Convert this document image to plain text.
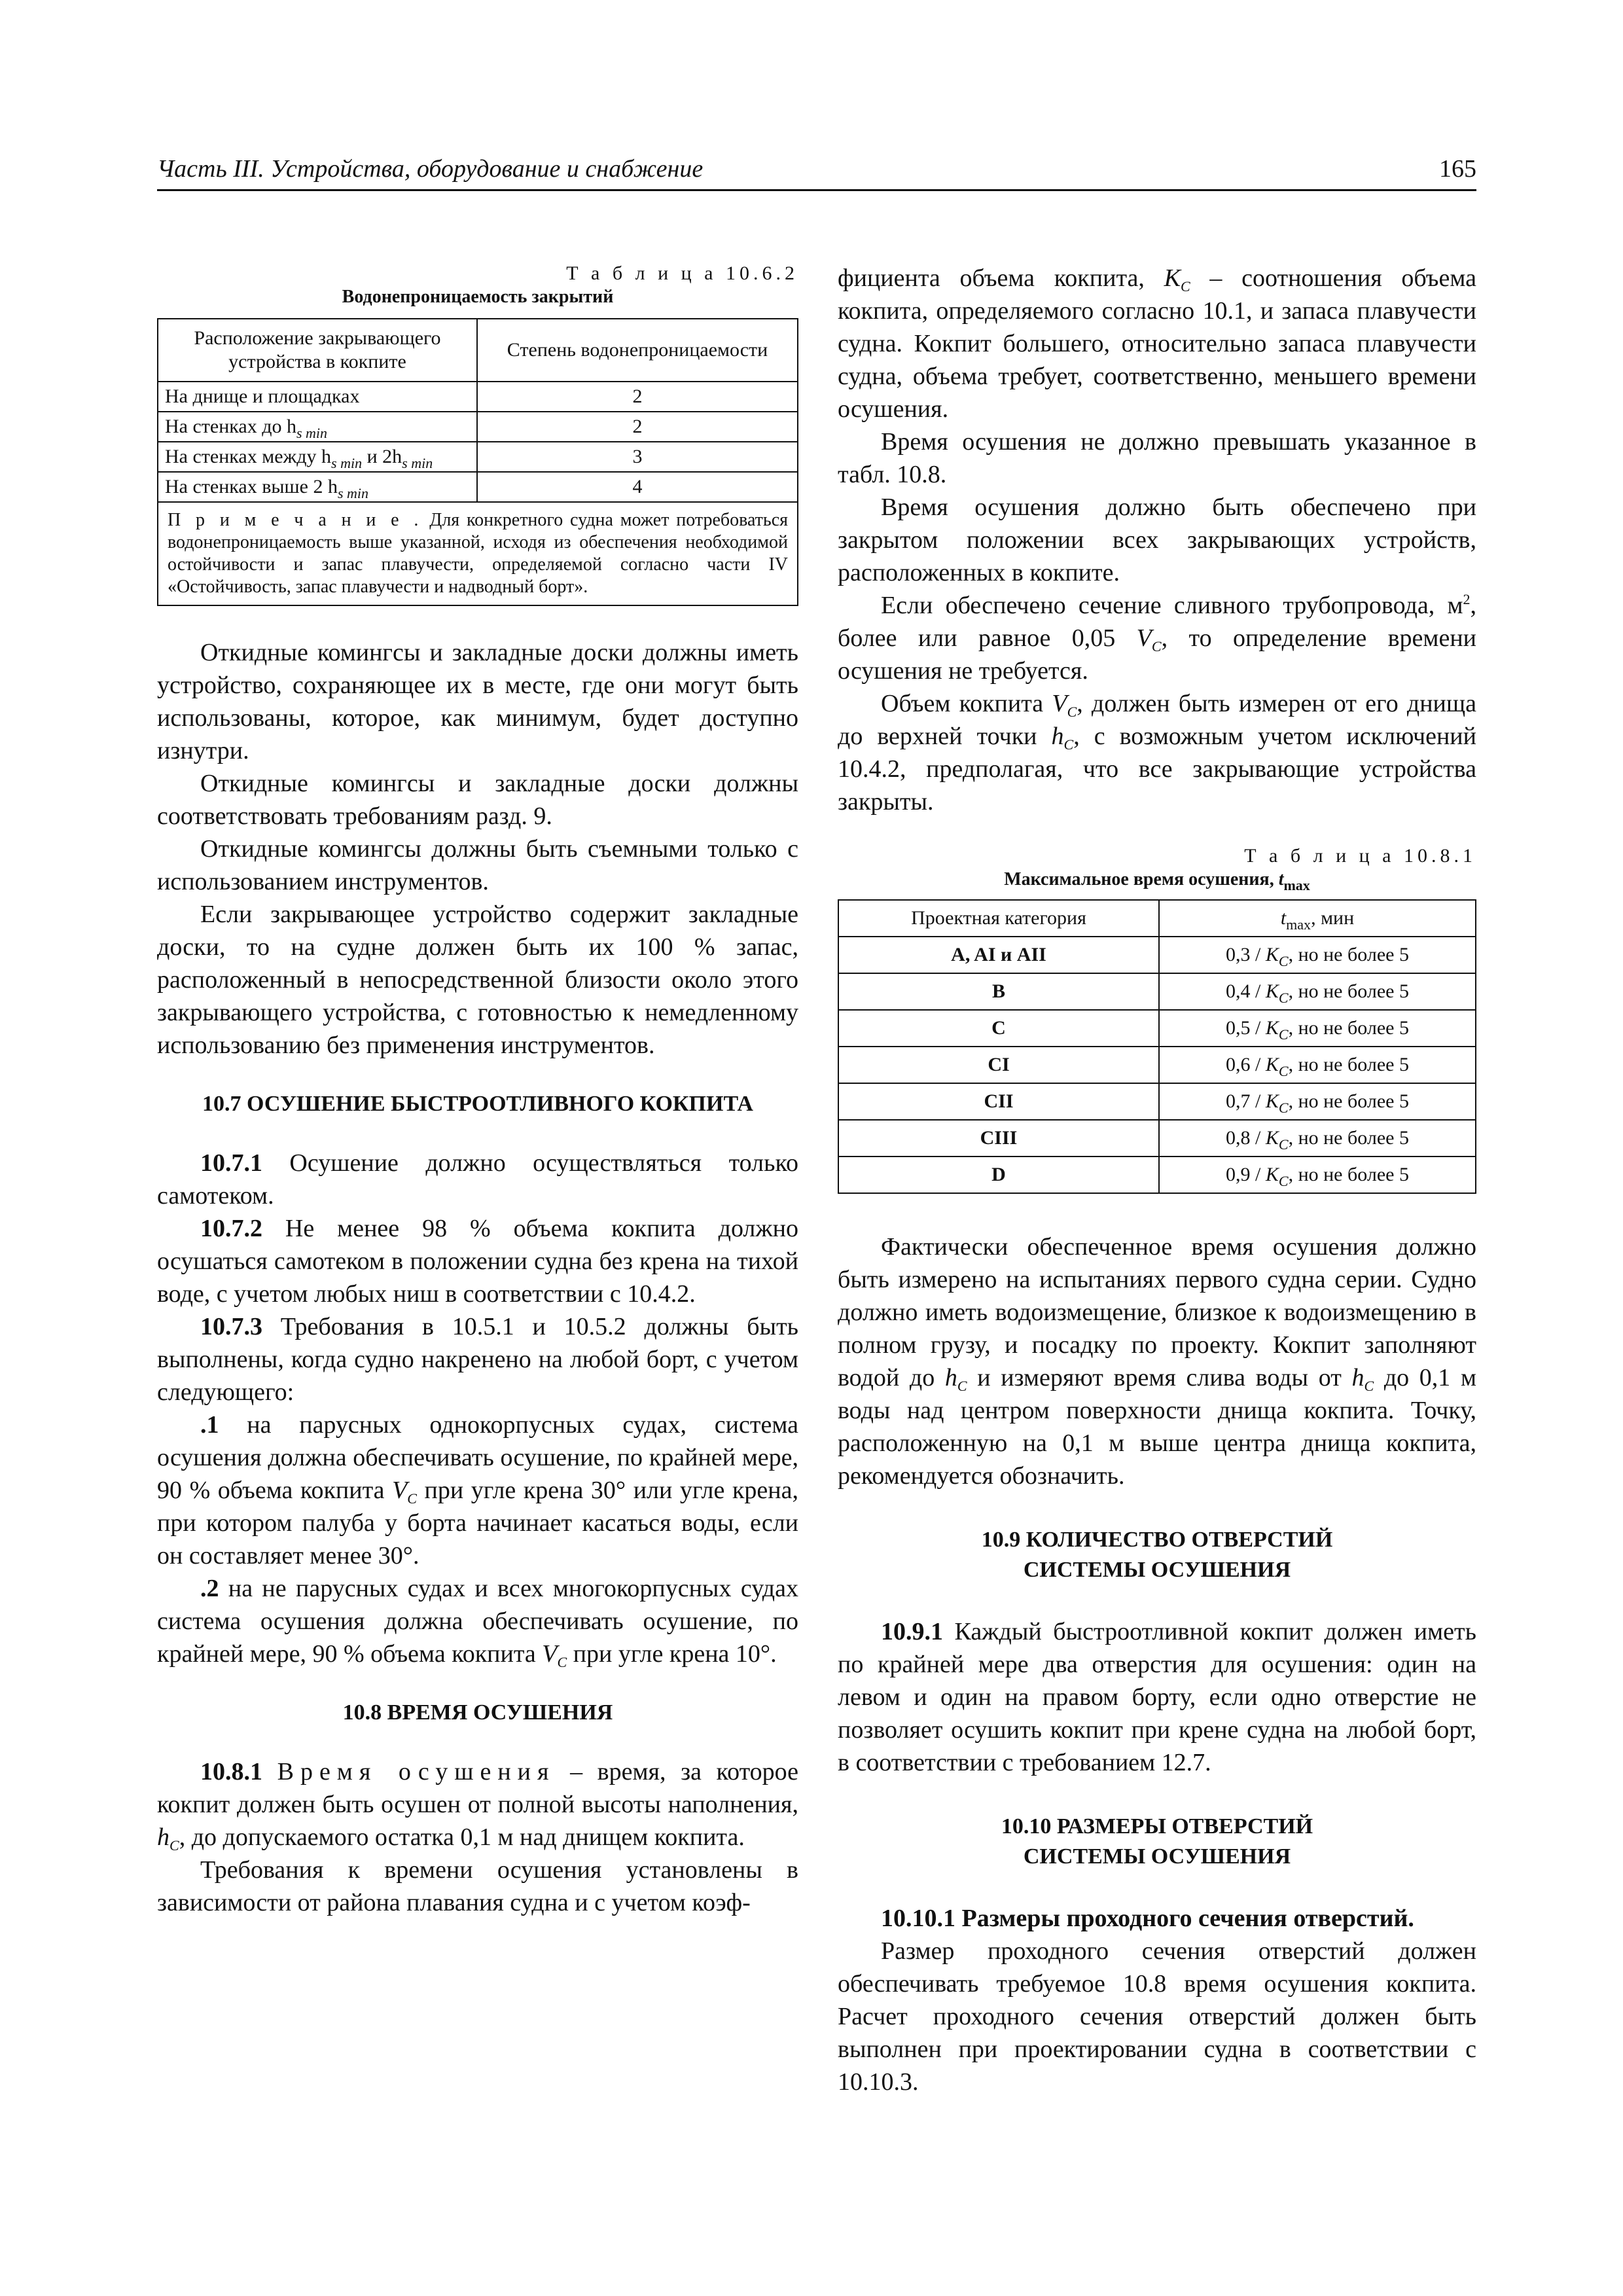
Часть III. Устройства, оборудование и снабжение	165
Т а б л и ц а 10.6.2
Водонепроницаемость закрытий
Расположение закрывающего устройства в кокпите	Степень водонепроницаемости
На днище и площадках	2
На стенках до $h_{s min}$	2
На стенках между $h_{s min}$ и $2h_{s min}$	3
На стенках выше 2 $h_{s min}$	4
П р и м е ч а н и е . Для конкретного судна может потребоваться водонепроницаемость выше указанной, исходя из обеспечения необходимой остойчивости и запас плавучести, определяемой согласно части IV «Остойчивость, запас плавучести и надводный борт».	

Откидные комингсы и закладные доски должны иметь устройство, сохраняющее их в месте, где они могут быть использованы, которое, как минимум, будет доступно изнутри.

Откидные комингсы и закладные доски должны соответствовать требованиям разд. 9.

Откидные комингсы должны быть съемными только с использованием инструментов.

Если закрывающее устройство содержит закладные доски, то на судне должен быть их 100 % запас, расположенный в непосредственной близости около этого закрывающего устройства, с готовностью к немедленному использованию без применения инструментов.

10.7 ОСУШЕНИЕ БЫСТРООТЛИВНОГО КОКПИТА

10.7.1 Осушение должно осуществляться только самотеком.

10.7.2 Не менее 98 % объема кокпита должно осушаться самотеком в положении судна без крена на тихой воде, с учетом любых ниш в соответствии с 10.4.2.

10.7.3 Требования в 10.5.1 и 10.5.2 должны быть выполнены, когда судно накренено на любой борт, с учетом следующего:

.1 на парусных однокорпусных судах, система осушения должна обеспечивать осушение, по крайней мере, 90 % объема кокпита $V_C$ при угле крена 30° или угле крена, при котором палуба у борта начинает касаться воды, если он составляет менее 30°.

.2 на не парусных судах и всех многокорпусных судах система осушения должна обеспечивать осушение, по крайней мере, 90 % объема кокпита $V_C$ при угле крена 10°.

10.8 ВРЕМЯ ОСУШЕНИЯ

10.8.1 Время осушения – время, за которое кокпит должен быть осушен от полной высоты наполнения, $h_C$, до допускаемого остатка 0,1 м над днищем кокпита.

Требования к времени осушения установлены в зависимости от района плавания судна и с учетом коэф-

фициента объема кокпита, $K_C$ – соотношения объема кокпита, определяемого согласно 10.1, и запаса плавучести судна. Кокпит большего, относительно запаса плавучести судна, объема требует, соответственно, меньшего времени осушения.

Время осушения не должно превышать указанное в табл. 10.8.

Время осушения должно быть обеспечено при закрытом положении всех закрывающих устройств, расположенных в кокпите.

Если обеспечено сечение сливного трубопровода, $м^2$, более или равное 0,05 $V_C$, то определение времени осушения не требуется.

Объем кокпита $V_C$, должен быть измерен от его днища до верхней точки $h_C$, с возможным учетом исключений 10.4.2, предполагая, что все закрывающие устройства закрыты.

Т а б л и ц а 10.8.1
Максимальное время осушения, $t_{max}$
Проектная категория	$t_{max}$, мин
A, AI и AII	$0,3 / K_C$, но не более 5
B	$0,4 / K_C$, но не более 5
C	$0,5 / K_C$, но не более 5
CI	$0,6 / K_C$, но не более 5
CII	$0,7 / K_C$, но не более 5
CIII	$0,8 / K_C$, но не более 5
D	$0,9 / K_C$, но не более 5

Фактически обеспеченное время осушения должно быть измерено на испытаниях первого судна серии. Судно должно иметь водоизмещение, близкое к водоизмещению в полном грузу, и посадку по проекту. Кокпит заполняют водой до $h_C$ и измеряют время слива воды от $h_C$ до 0,1 м воды над центром поверхности днища кокпита. Точку, расположенную на 0,1 м выше центра днища кокпита, рекомендуется обозначить.

10.9 КОЛИЧЕСТВО ОТВЕРСТИЙ
СИСТЕМЫ ОСУШЕНИЯ

10.9.1 Каждый быстроотливной кокпит должен иметь по крайней мере два отверстия для осушения: один на левом и один на правом борту, если одно отверстие не позволяет осушить кокпит при крене судна на любой борт, в соответствии с требованием 12.7.

10.10 РАЗМЕРЫ ОТВЕРСТИЙ
СИСТЕМЫ ОСУШЕНИЯ

10.10.1 Размеры проходного сечения отверстий.

Размер проходного сечения отверстий должен обеспечивать требуемое 10.8 время осушения кокпита. Расчет проходного сечения отверстий должен быть выполнен при проектировании судна в соответствии с 10.10.3.
